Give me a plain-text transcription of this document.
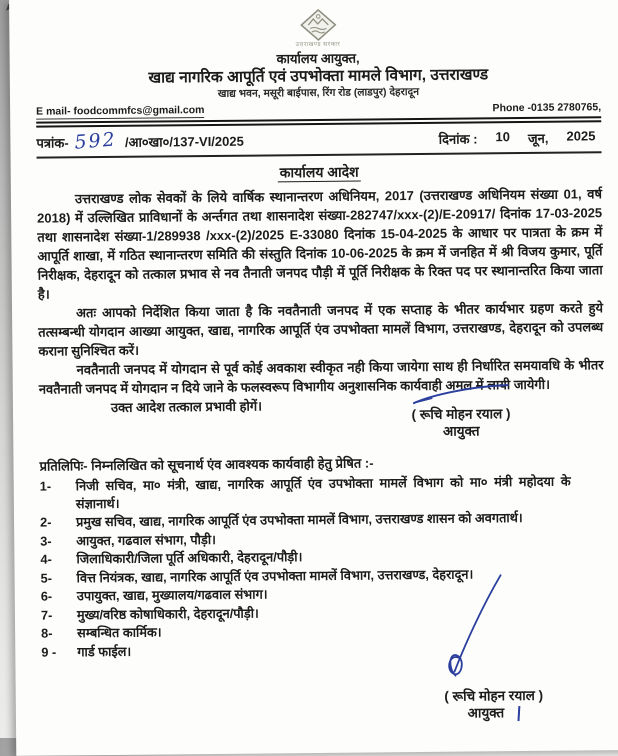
उत्तराखण्ड सरकार
कार्यालय आयुक्त,
खाद्य नागरिक आपूर्ति एवं उपभोक्ता मामले विभाग, उत्तराखण्ड
खाद्य भवन, मसूरी बाईपास, रिंग रोड (लाडपुर) देहरादून
E mail- foodcommfcs@gmail.com	Phone -0135 2780765,
पत्रांक- 592 /आ०खा०/137-VI/2025	दिनांक : 10 जून, 2025
कार्यालय आदेश

उत्तराखण्ड लोक सेवकों के लिये वार्षिक स्थानान्तरण अधिनियम, 2017 (उत्तराखण्ड अधिनियम संख्या 01, वर्ष 2018) में उल्लिखित प्राविधानों के अर्न्तगत तथा शासनादेश संख्या-282747/xxx-(2)/E-20917/ दिनांक 17-03-2025 तथा शासनादेश संख्या-1/289938 /xxx-(2)/2025 E-33080 दिनांक 15-04-2025 के आधार पर पात्रता के क्रम में आपूर्ति शाखा, में गठित स्थानान्तरण समिति की संस्तुति दिनांक 10-06-2025 के क्रम में जनहित में श्री विजय कुमार, पूर्ति निरीक्षक, देहरादून को तत्काल प्रभाव से नव तैनाती जनपद पौड़ी में पूर्ति निरीक्षक के रिक्त पद पर स्थानान्तरित किया जाता है।

अतः आपको निर्देशित किया जाता है कि नवतैनाती जनपद में एक सप्ताह के भीतर कार्यभार ग्रहण करते हुये तत्सम्बन्धी योगदान आख्या आयुक्त, खाद्य, नागरिक आपूर्ति एंव उपभोक्ता मामलें विभाग, उत्तराखण्ड, देहरादून को उपलब्ध कराना सुनिश्चित करें।

नवतैनाती जनपद में योगदान से पूर्व कोई अवकाश स्वीकृत नही किया जायेगा साथ ही निर्धारित समयावधि के भीतर नवतैनाती जनपद में योगदान न दिये जाने के फलस्वरूप विभागीय अनुशासनिक कार्यवाही अमल में लायी जायेगी।

उक्त आदेश तत्काल प्रभावी होगें।	( रूचि मोहन रयाल )
आयुक्त
प्रतिलिपिः- निम्नलिखित को सूचनार्थ एंव आवश्यक कार्यवाही हेतु प्रेषित :-
1-	निजी सचिव, मा० मंत्री, खाद्य, नागरिक आपूर्ति एंव उपभोक्ता मामलें विभाग को मा० मंत्री महोदया के संज्ञानार्थ।
2-	प्रमुख सचिव, खाद्य, नागरिक आपूर्ति एंव उपभोक्ता मामलें विभाग, उत्तराखण्ड शासन को अवगतार्थ।
3-	आयुक्त, गढवाल संभाग, पौड़ी।
4-	जिलाधिकारी/जिला पूर्ति अधिकारी, देहरादून/पौड़ी।
5-	वित्त नियंत्रक, खाद्य, नागरिक आपूर्ति एंव उपभोक्ता मामलें विभाग, उत्तराखण्ड, देहरादून।
6-	उपायुक्त, खाद्य, मुख्यालय/गढवाल संभाग।
7-	मुख्य/वरिष्ठ कोषाधिकारी, देहरादून/पौड़ी।
8-	सम्बन्धित कार्मिक।
9 -	गार्ड फाईल।
( रूचि मोहन रयाल )
आयुक्त
